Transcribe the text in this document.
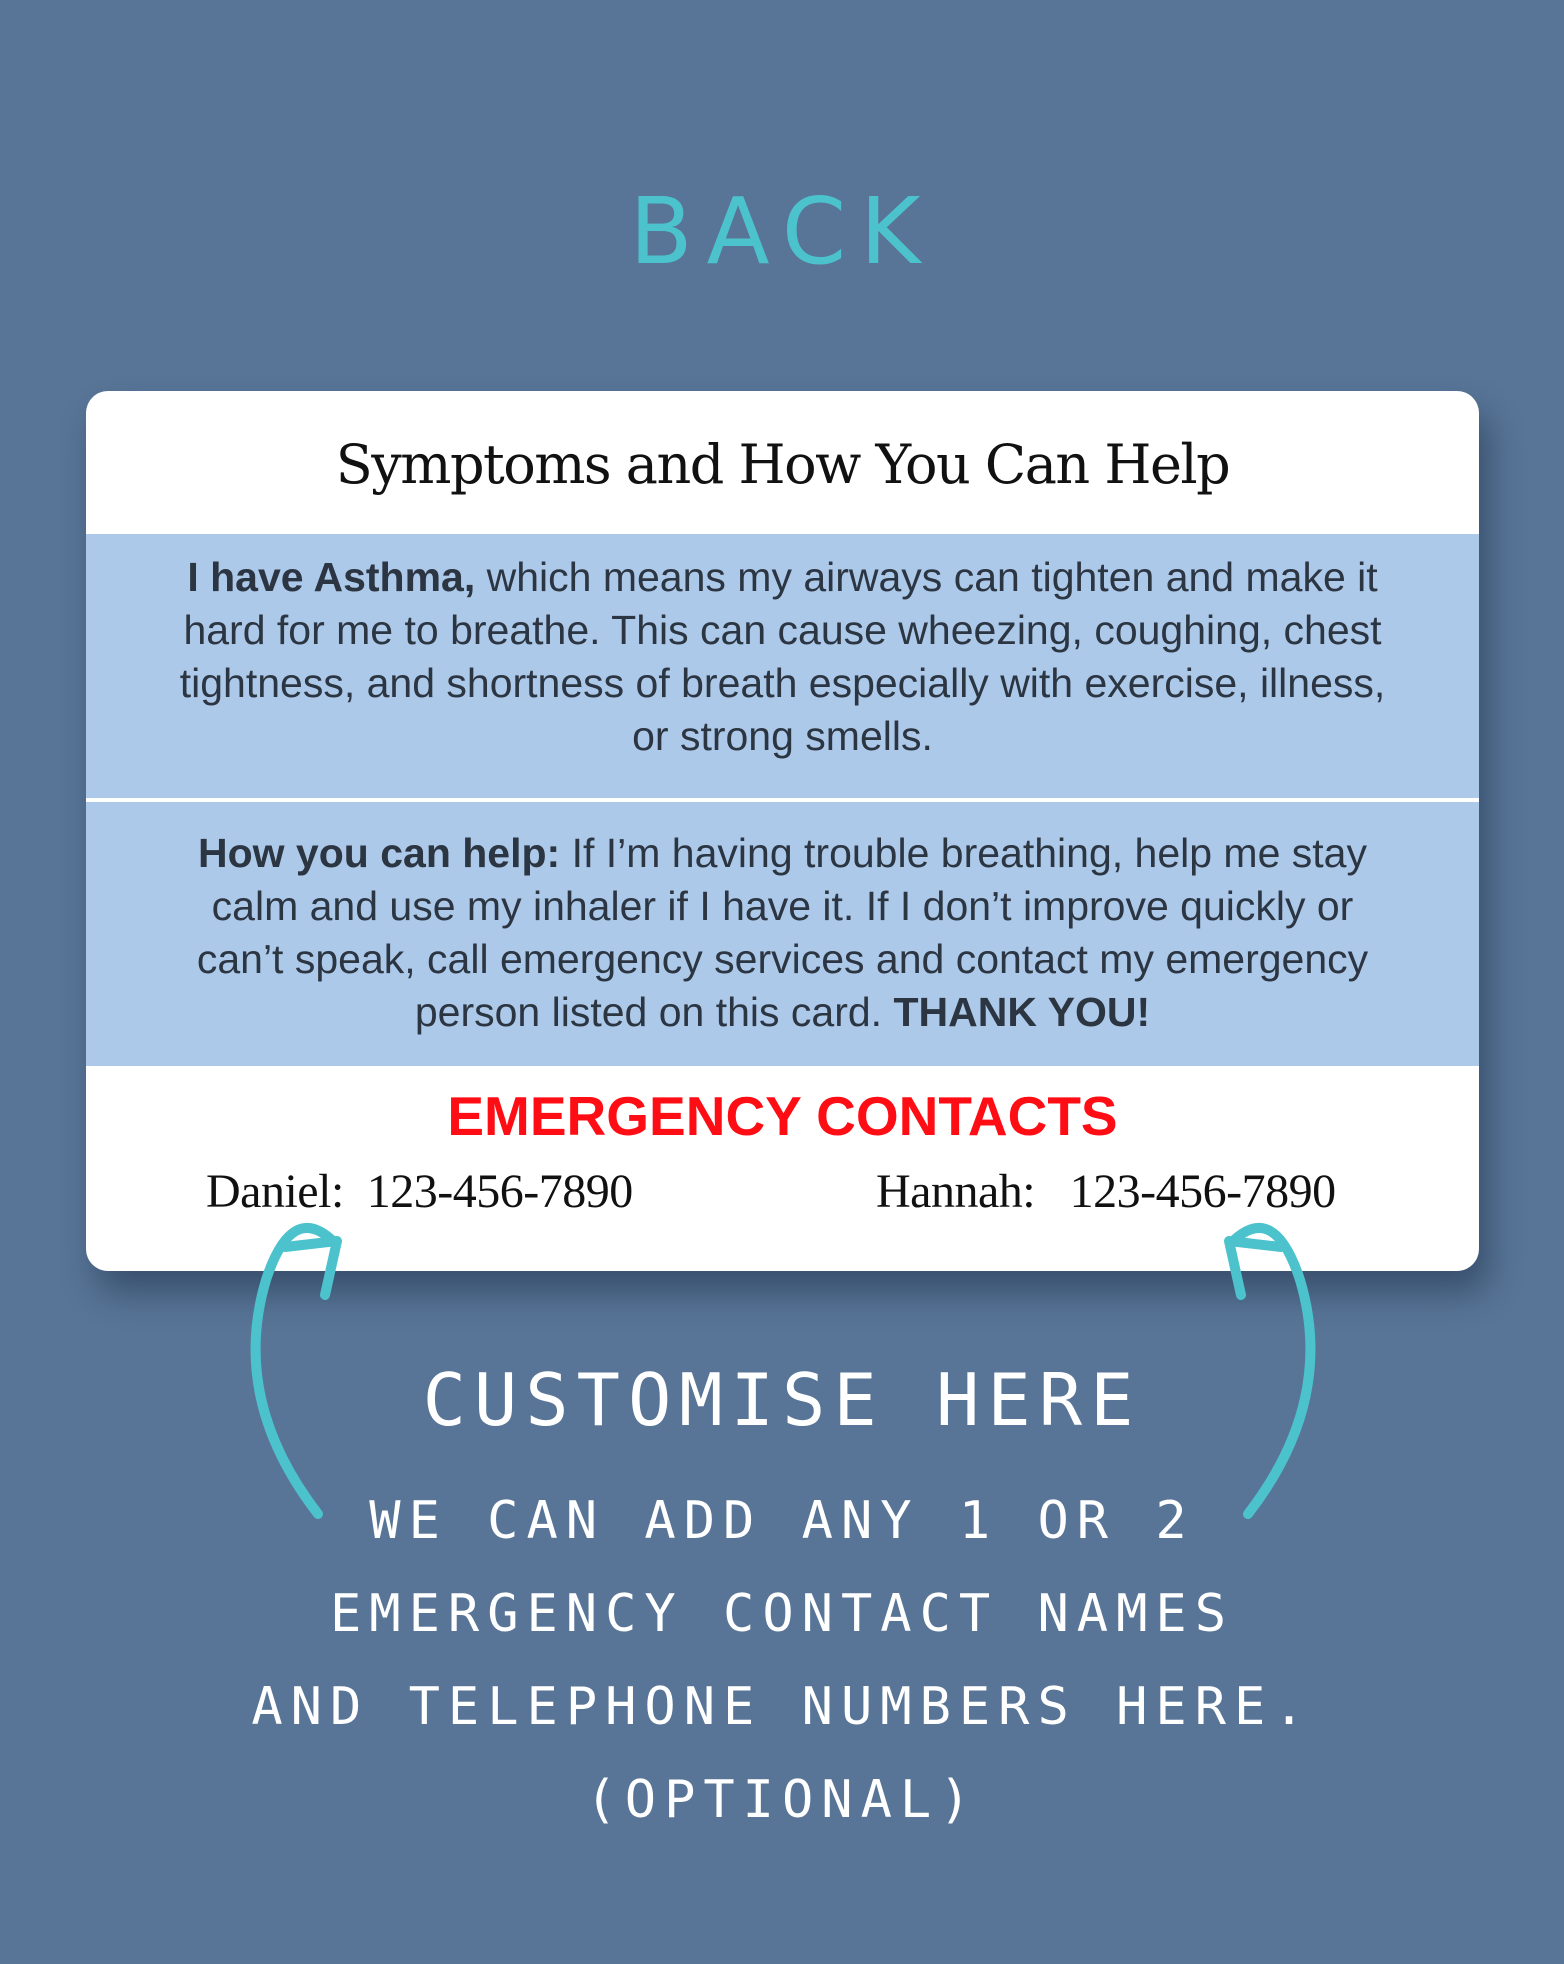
BACK
Symptoms and How You Can Help
I have Asthma, which means my airways can tighten and make it hard for me to breathe. This can cause wheezing, coughing, chest tightness, and shortness of breath especially with exercise, illness, or strong smells.
How you can help: If I’m having trouble breathing, help me stay calm and use my inhaler if I have it. If I don’t improve quickly or can’t speak, call emergency services and contact my emergency person listed on this card. THANK YOU!
EMERGENCY CONTACTS
Daniel: 123-456-7890	Hannah: 123-456-7890
CUSTOMISE HERE
WE CAN ADD ANY 1 OR 2
EMERGENCY CONTACT NAMES
AND TELEPHONE NUMBERS HERE.
(OPTIONAL)
